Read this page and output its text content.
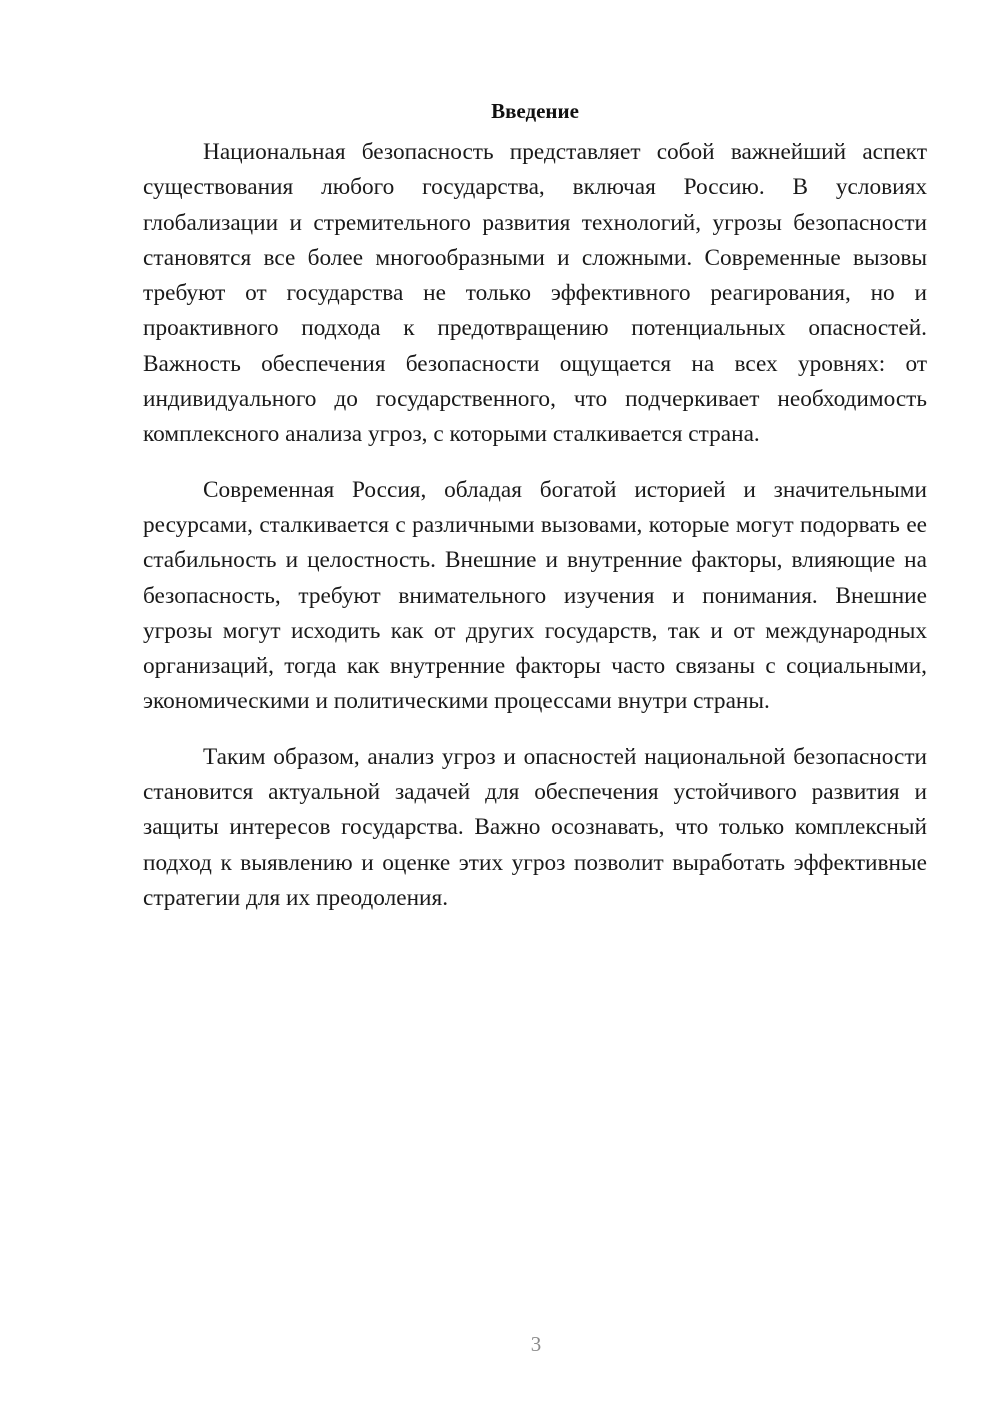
Введение

Национальная безопасность представляет собой важнейший аспект существования любого государства, включая Россию. В условиях глобализации и стремительного развития технологий, угрозы безопасности становятся все более многообразными и сложными. Современные вызовы требуют от государства не только эффективного реагирования, но и проактивного подхода к предотвращению потенциальных опасностей. Важность обеспечения безопасности ощущается на всех уровнях: от индивидуального до государственного, что подчеркивает необходимость комплексного анализа угроз, с которыми сталкивается страна.

Современная Россия, обладая богатой историей и значительными ресурсами, сталкивается с различными вызовами, которые могут подорвать ее стабильность и целостность. Внешние и внутренние факторы, влияющие на безопасность, требуют внимательного изучения и понимания. Внешние угрозы могут исходить как от других государств, так и от международных организаций, тогда как внутренние факторы часто связаны с социальными, экономическими и политическими процессами внутри страны.

Таким образом, анализ угроз и опасностей национальной безопасности становится актуальной задачей для обеспечения устойчивого развития и защиты интересов государства. Важно осознавать, что только комплексный подход к выявлению и оценке этих угроз позволит выработать эффективные стратегии для их преодоления.

3
